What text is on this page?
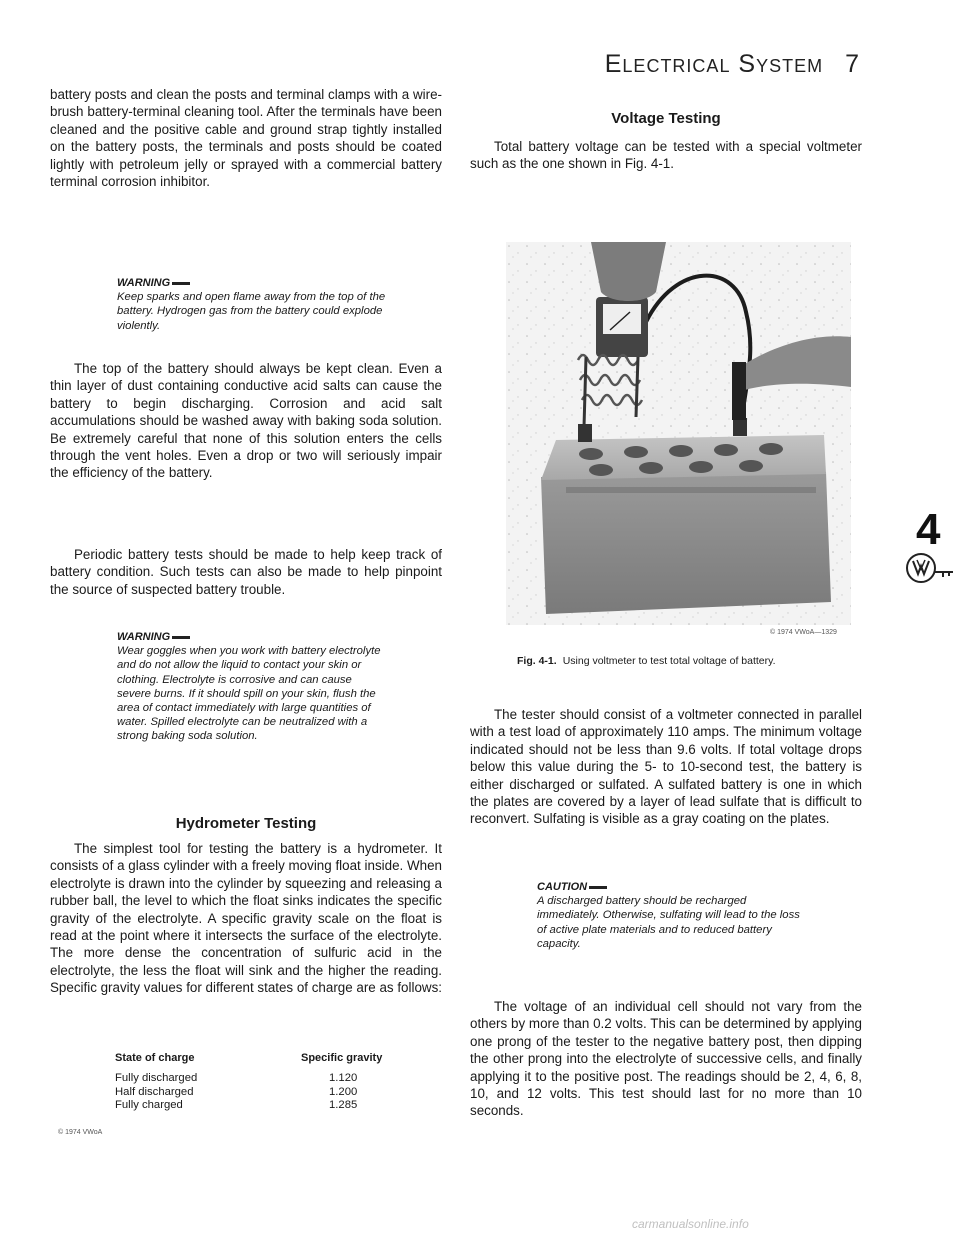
Electrical System 7

battery posts and clean the posts and terminal clamps with a wire-brush battery-terminal cleaning tool. After the terminals have been cleaned and the positive cable and ground strap tightly installed on the battery posts, the terminals and posts should be coated lightly with petroleum jelly or sprayed with a commercial battery terminal corrosion inhibitor.

WARNING
Keep sparks and open flame away from the top of the battery. Hydrogen gas from the battery could explode violently.

The top of the battery should always be kept clean. Even a thin layer of dust containing conductive acid salts can cause the battery to begin discharging. Corrosion and acid salt accumulations should be washed away with baking soda solution. Be extremely careful that none of this solution enters the cells through the vent holes. Even a drop or two will seriously impair the efficiency of the battery.

Periodic battery tests should be made to help keep track of battery condition. Such tests can also be made to help pinpoint the source of suspected battery trouble.

WARNING
Wear goggles when you work with battery electrolyte and do not allow the liquid to contact your skin or clothing. Electrolyte is corrosive and can cause severe burns. If it should spill on your skin, flush the area of contact immediately with large quantities of water. Spilled electrolyte can be neutralized with a strong baking soda solution.
Hydrometer Testing

The simplest tool for testing the battery is a hydrometer. It consists of a glass cylinder with a freely moving float inside. When electrolyte is drawn into the cylinder by squeezing and releasing a rubber ball, the level to which the float sinks indicates the specific gravity of the electrolyte. A specific gravity scale on the float is read at the point where it intersects the surface of the electrolyte. The more dense the concentration of sulfuric acid in the electrolyte, the less the float will sink and the higher the reading. Specific gravity values for different states of charge are as follows:

State of charge	Specific gravity
Fully discharged
Half discharged
Fully charged
1.120
1.200
1.285
© 1974 VWoA
Voltage Testing

Total battery voltage can be tested with a special voltmeter such as the one shown in Fig. 4-1.

© 1974 VWoA—1329
Fig. 4-1. Using voltmeter to test total voltage of battery.

The tester should consist of a voltmeter connected in parallel with a test load of approximately 110 amps. The minimum voltage indicated should not be less than 9.6 volts. If total voltage drops below this value during the 5- to 10-second test, the battery is either discharged or sulfated. A sulfated battery is one in which the plates are covered by a layer of lead sulfate that is difficult to reconvert. Sulfating is visible as a gray coating on the plates.

CAUTION
A discharged battery should be recharged immediately. Otherwise, sulfating will lead to the loss of active plate materials and to reduced battery capacity.

The voltage of an individual cell should not vary from the others by more than 0.2 volts. This can be determined by applying one prong of the tester to the negative battery post, then dipping the other prong into the electrolyte of successive cells, and finally applying it to the positive post. The readings should be 2, 4, 6, 8, 10, and 12 volts. This test should last for no more than 10 seconds.

4
carmanualsonline.info
